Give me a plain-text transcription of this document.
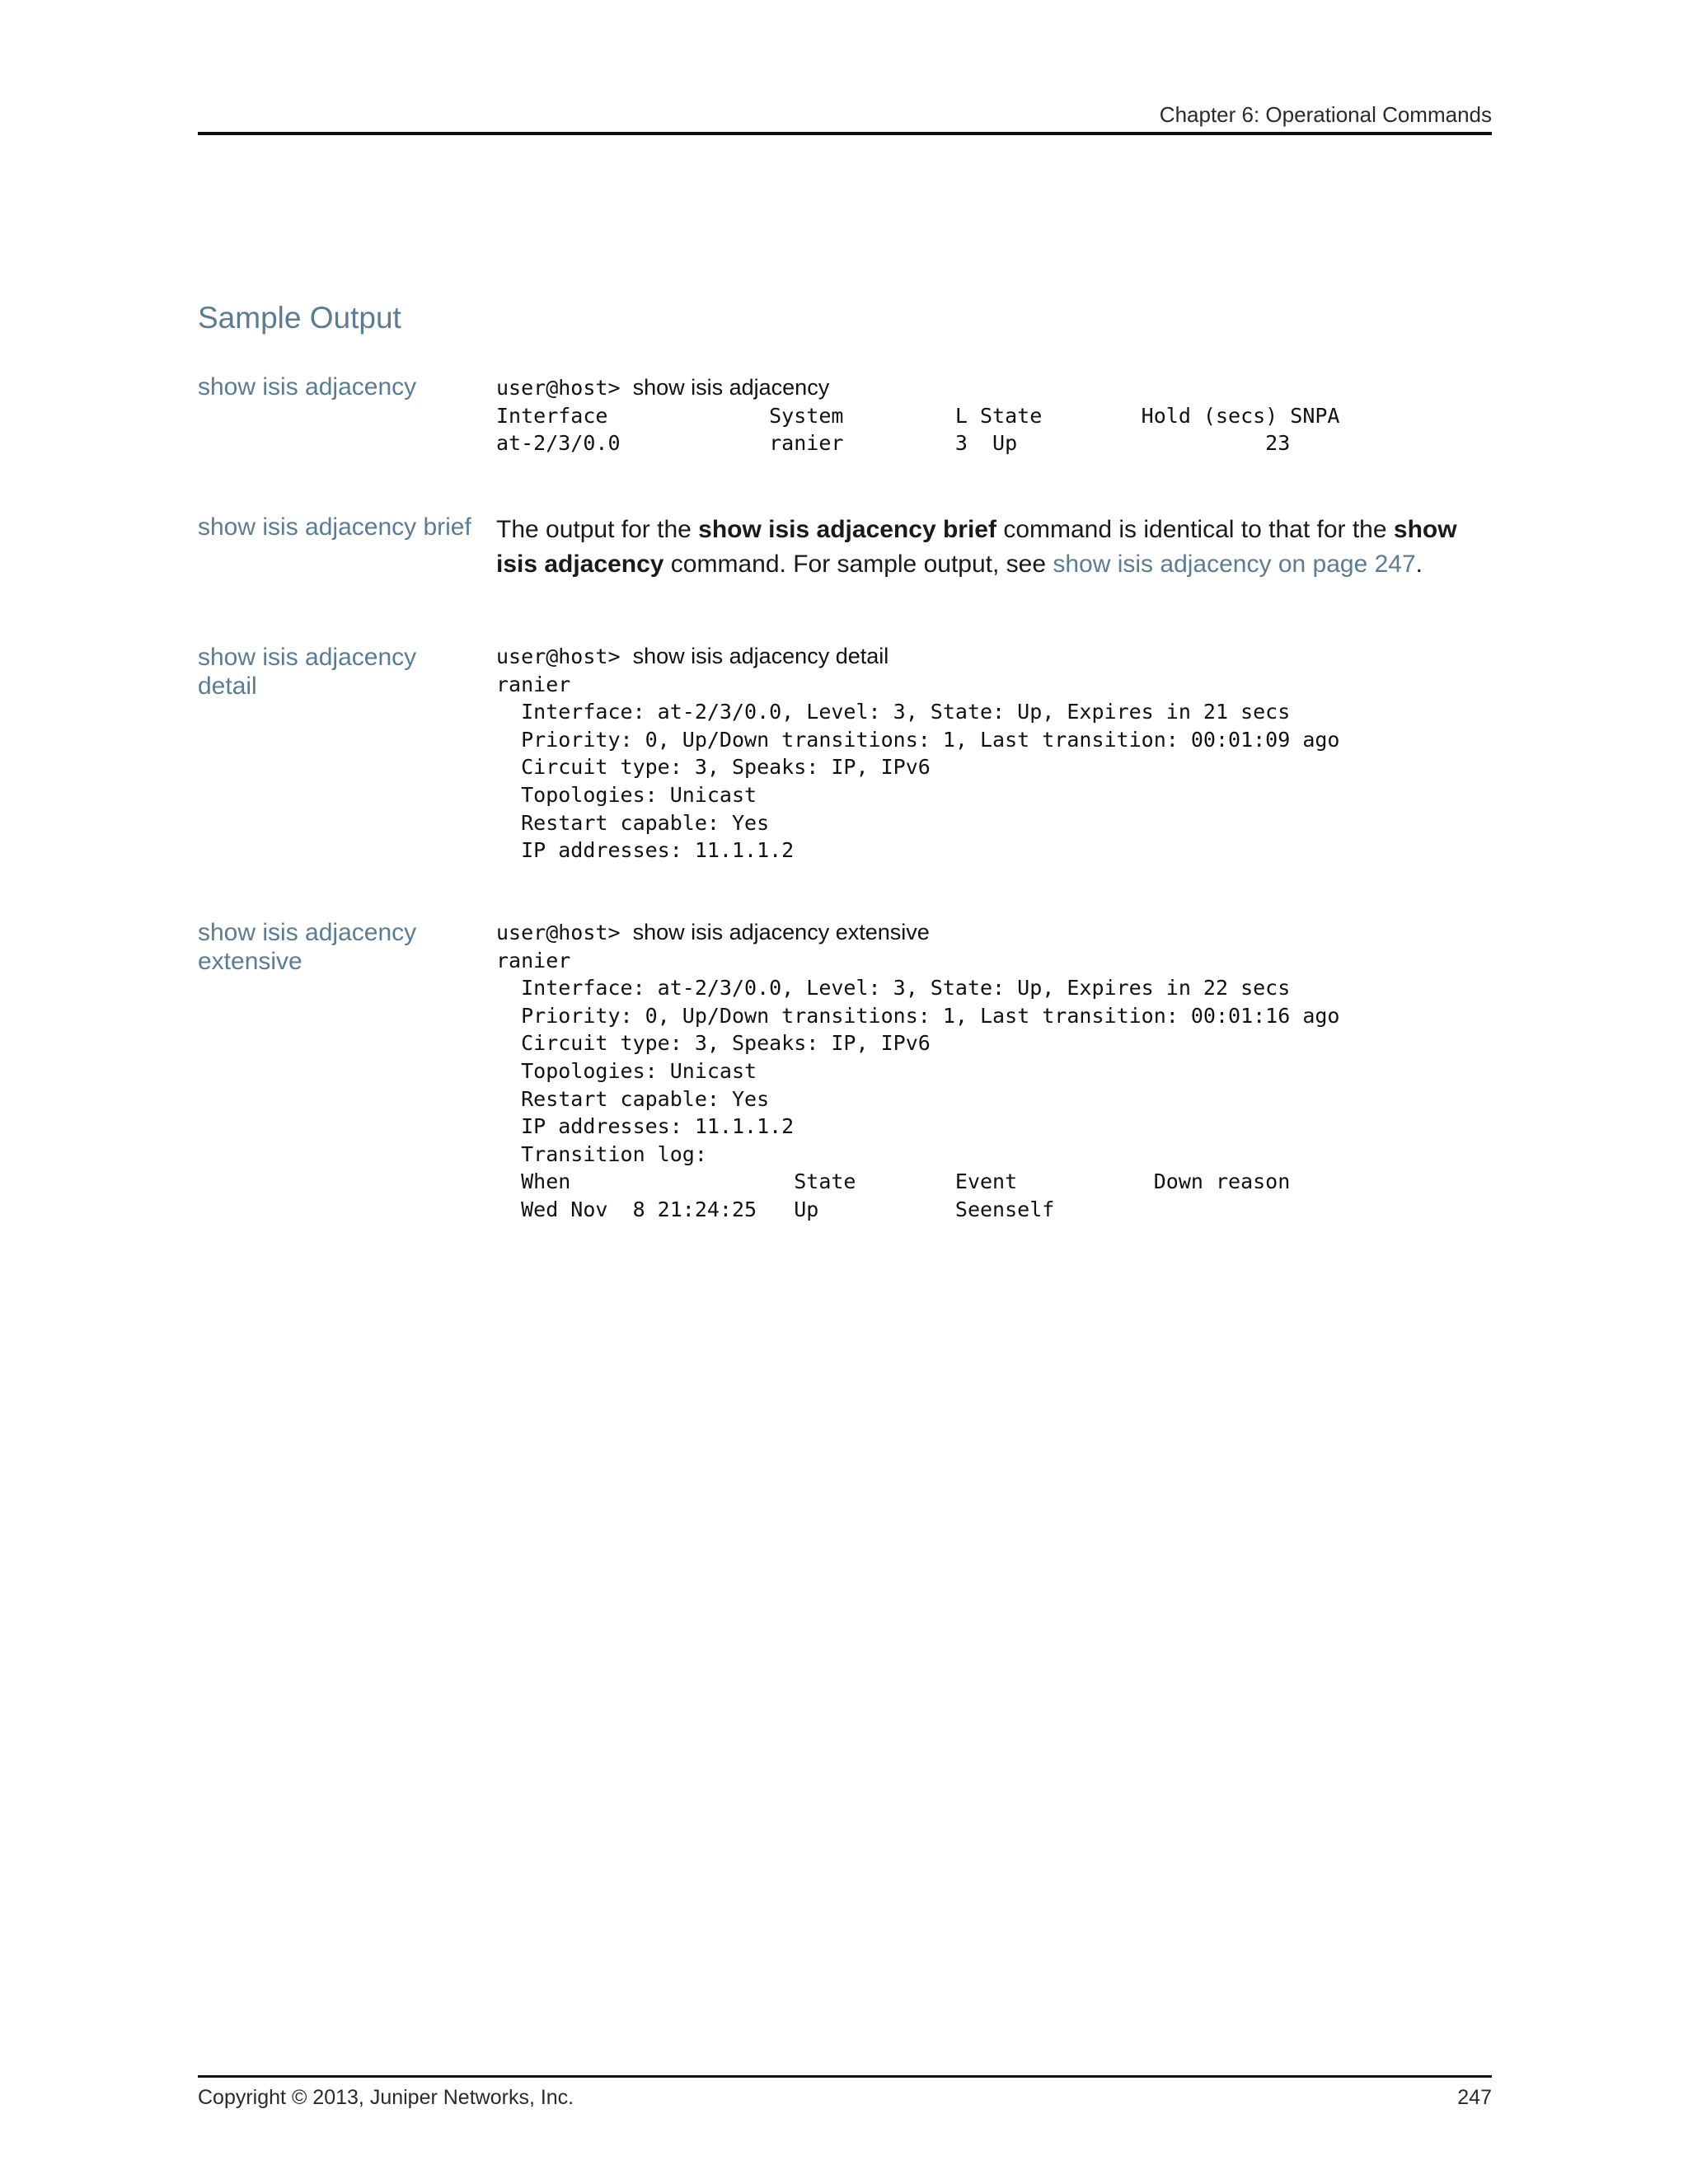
Chapter 6: Operational Commands
Sample Output
show isis adjacency	user@host> show isis adjacency
Interface             System         L State        Hold (secs) SNPA
at-2/3/0.0            ranier         3  Up                    23
show isis adjacency brief The output for the show isis adjacency brief command is identical to that for the show isis adjacency command. For sample output, see show isis adjacency on page 247.
show isis adjacency detail
user@host> show isis adjacency detail
ranier
Interface: at-2/3/0.0, Level: 3, State: Up, Expires in 21 secs
Priority: 0, Up/Down transitions: 1, Last transition: 00:01:09 ago
Circuit type: 3, Speaks: IP, IPv6
Topologies: Unicast
Restart capable: Yes
IP addresses: 11.1.1.2
show isis adjacency extensive
user@host> show isis adjacency extensive
ranier
Interface: at-2/3/0.0, Level: 3, State: Up, Expires in 22 secs
Priority: 0, Up/Down transitions: 1, Last transition: 00:01:16 ago
Circuit type: 3, Speaks: IP, IPv6
Topologies: Unicast
Restart capable: Yes
IP addresses: 11.1.1.2
Transition log:
When                  State        Event           Down reason
Wed Nov  8 21:24:25   Up           Seenself
Copyright © 2013, Juniper Networks, Inc.	247
